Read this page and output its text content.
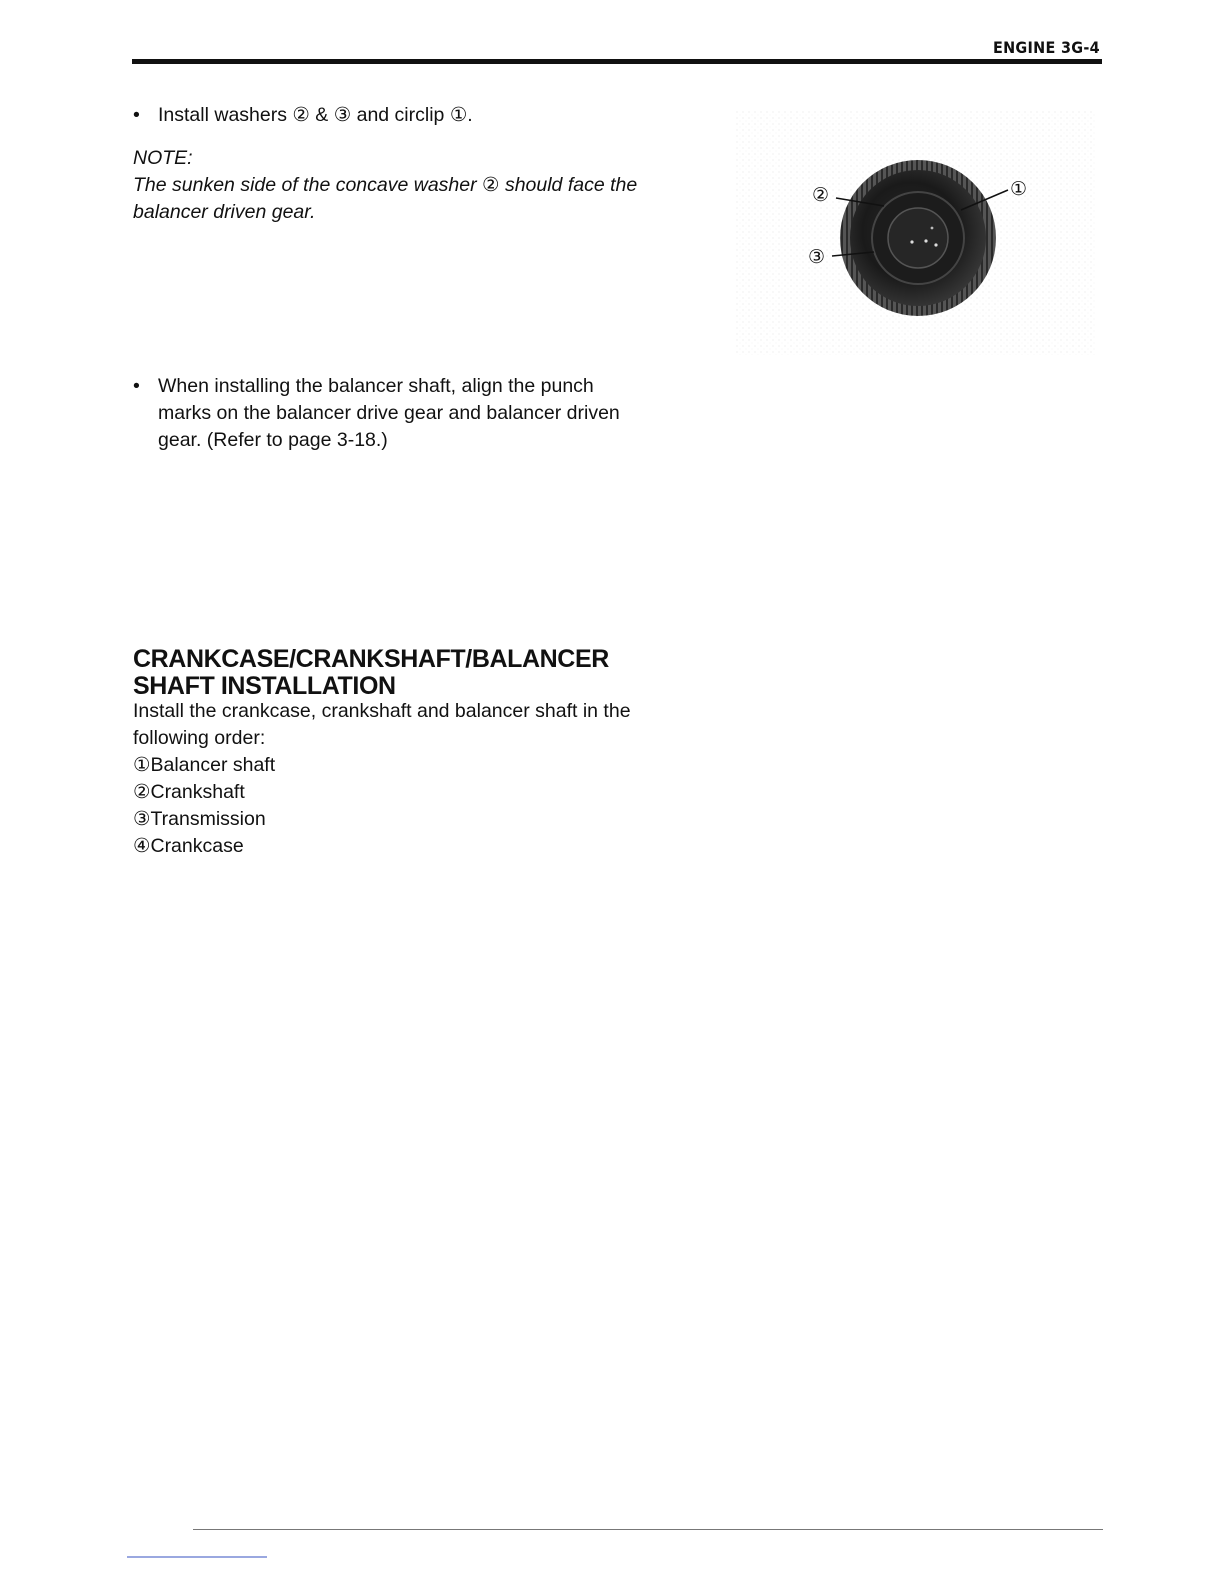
ENGINE 3G-4
• Install washers ② & ③ and circlip ①.
NOTE:
The sunken side of the concave washer ② should face the
balancer driven gear.
②	①
③
• When installing the balancer shaft, align the punch
marks on the balancer drive gear and balancer driven
gear. (Refer to page 3-18.)
CRANKCASE/CRANKSHAFT/BALANCER
SHAFT INSTALLATION
Install the crankcase, crankshaft and balancer shaft in the
following order:
①Balancer shaft
②Crankshaft
③Transmission
④Crankcase
